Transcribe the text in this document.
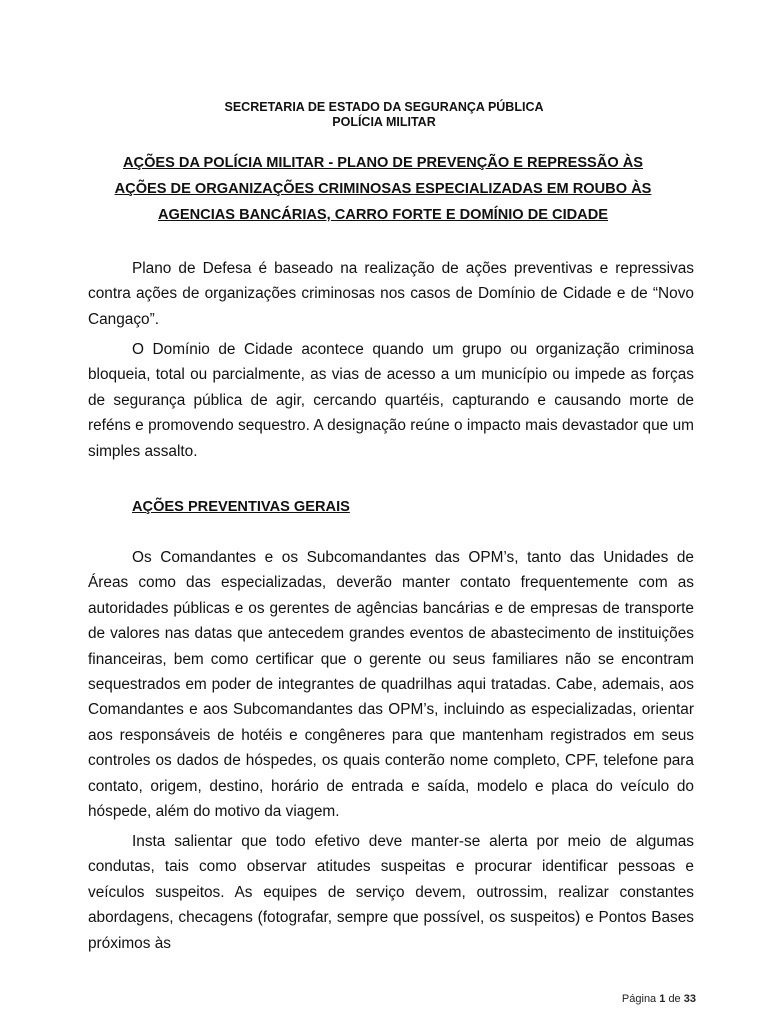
SECRETARIA DE ESTADO DA SEGURANÇA PÚBLICA
POLÍCIA MILITAR
AÇÕES DA POLÍCIA MILITAR - PLANO DE PREVENÇÃO E REPRESSÃO ÀS
AÇÕES DE ORGANIZAÇÕES CRIMINOSAS ESPECIALIZADAS EM ROUBO ÀS
AGENCIAS BANCÁRIAS, CARRO FORTE E DOMÍNIO DE CIDADE

Plano de Defesa é baseado na realização de ações preventivas e repressivas contra ações de organizações criminosas nos casos de Domínio de Cidade e de “Novo Cangaço”.

O Domínio de Cidade acontece quando um grupo ou organização criminosa bloqueia, total ou parcialmente, as vias de acesso a um município ou impede as forças de segurança pública de agir, cercando quartéis, capturando e causando morte de reféns e promovendo sequestro. A designação reúne o impacto mais devastador que um simples assalto.

AÇÕES PREVENTIVAS GERAIS

Os Comandantes e os Subcomandantes das OPM’s, tanto das Unidades de Áreas como das especializadas, deverão manter contato frequentemente com as autoridades públicas e os gerentes de agências bancárias e de empresas de transporte de valores nas datas que antecedem grandes eventos de abastecimento de instituições financeiras, bem como certificar que o gerente ou seus familiares não se encontram sequestrados em poder de integrantes de quadrilhas aqui tratadas. Cabe, ademais, aos Comandantes e aos Subcomandantes das OPM’s, incluindo as especializadas, orientar aos responsáveis de hotéis e congêneres para que mantenham registrados em seus controles os dados de hóspedes, os quais conterão nome completo, CPF, telefone para contato, origem, destino, horário de entrada e saída, modelo e placa do veículo do hóspede, além do motivo da viagem.

Insta salientar que todo efetivo deve manter-se alerta por meio de algumas condutas, tais como observar atitudes suspeitas e procurar identificar pessoas e veículos suspeitos. As equipes de serviço devem, outrossim, realizar constantes abordagens, checagens (fotografar, sempre que possível, os suspeitos) e Pontos Bases próximos às

Página 1 de 33
